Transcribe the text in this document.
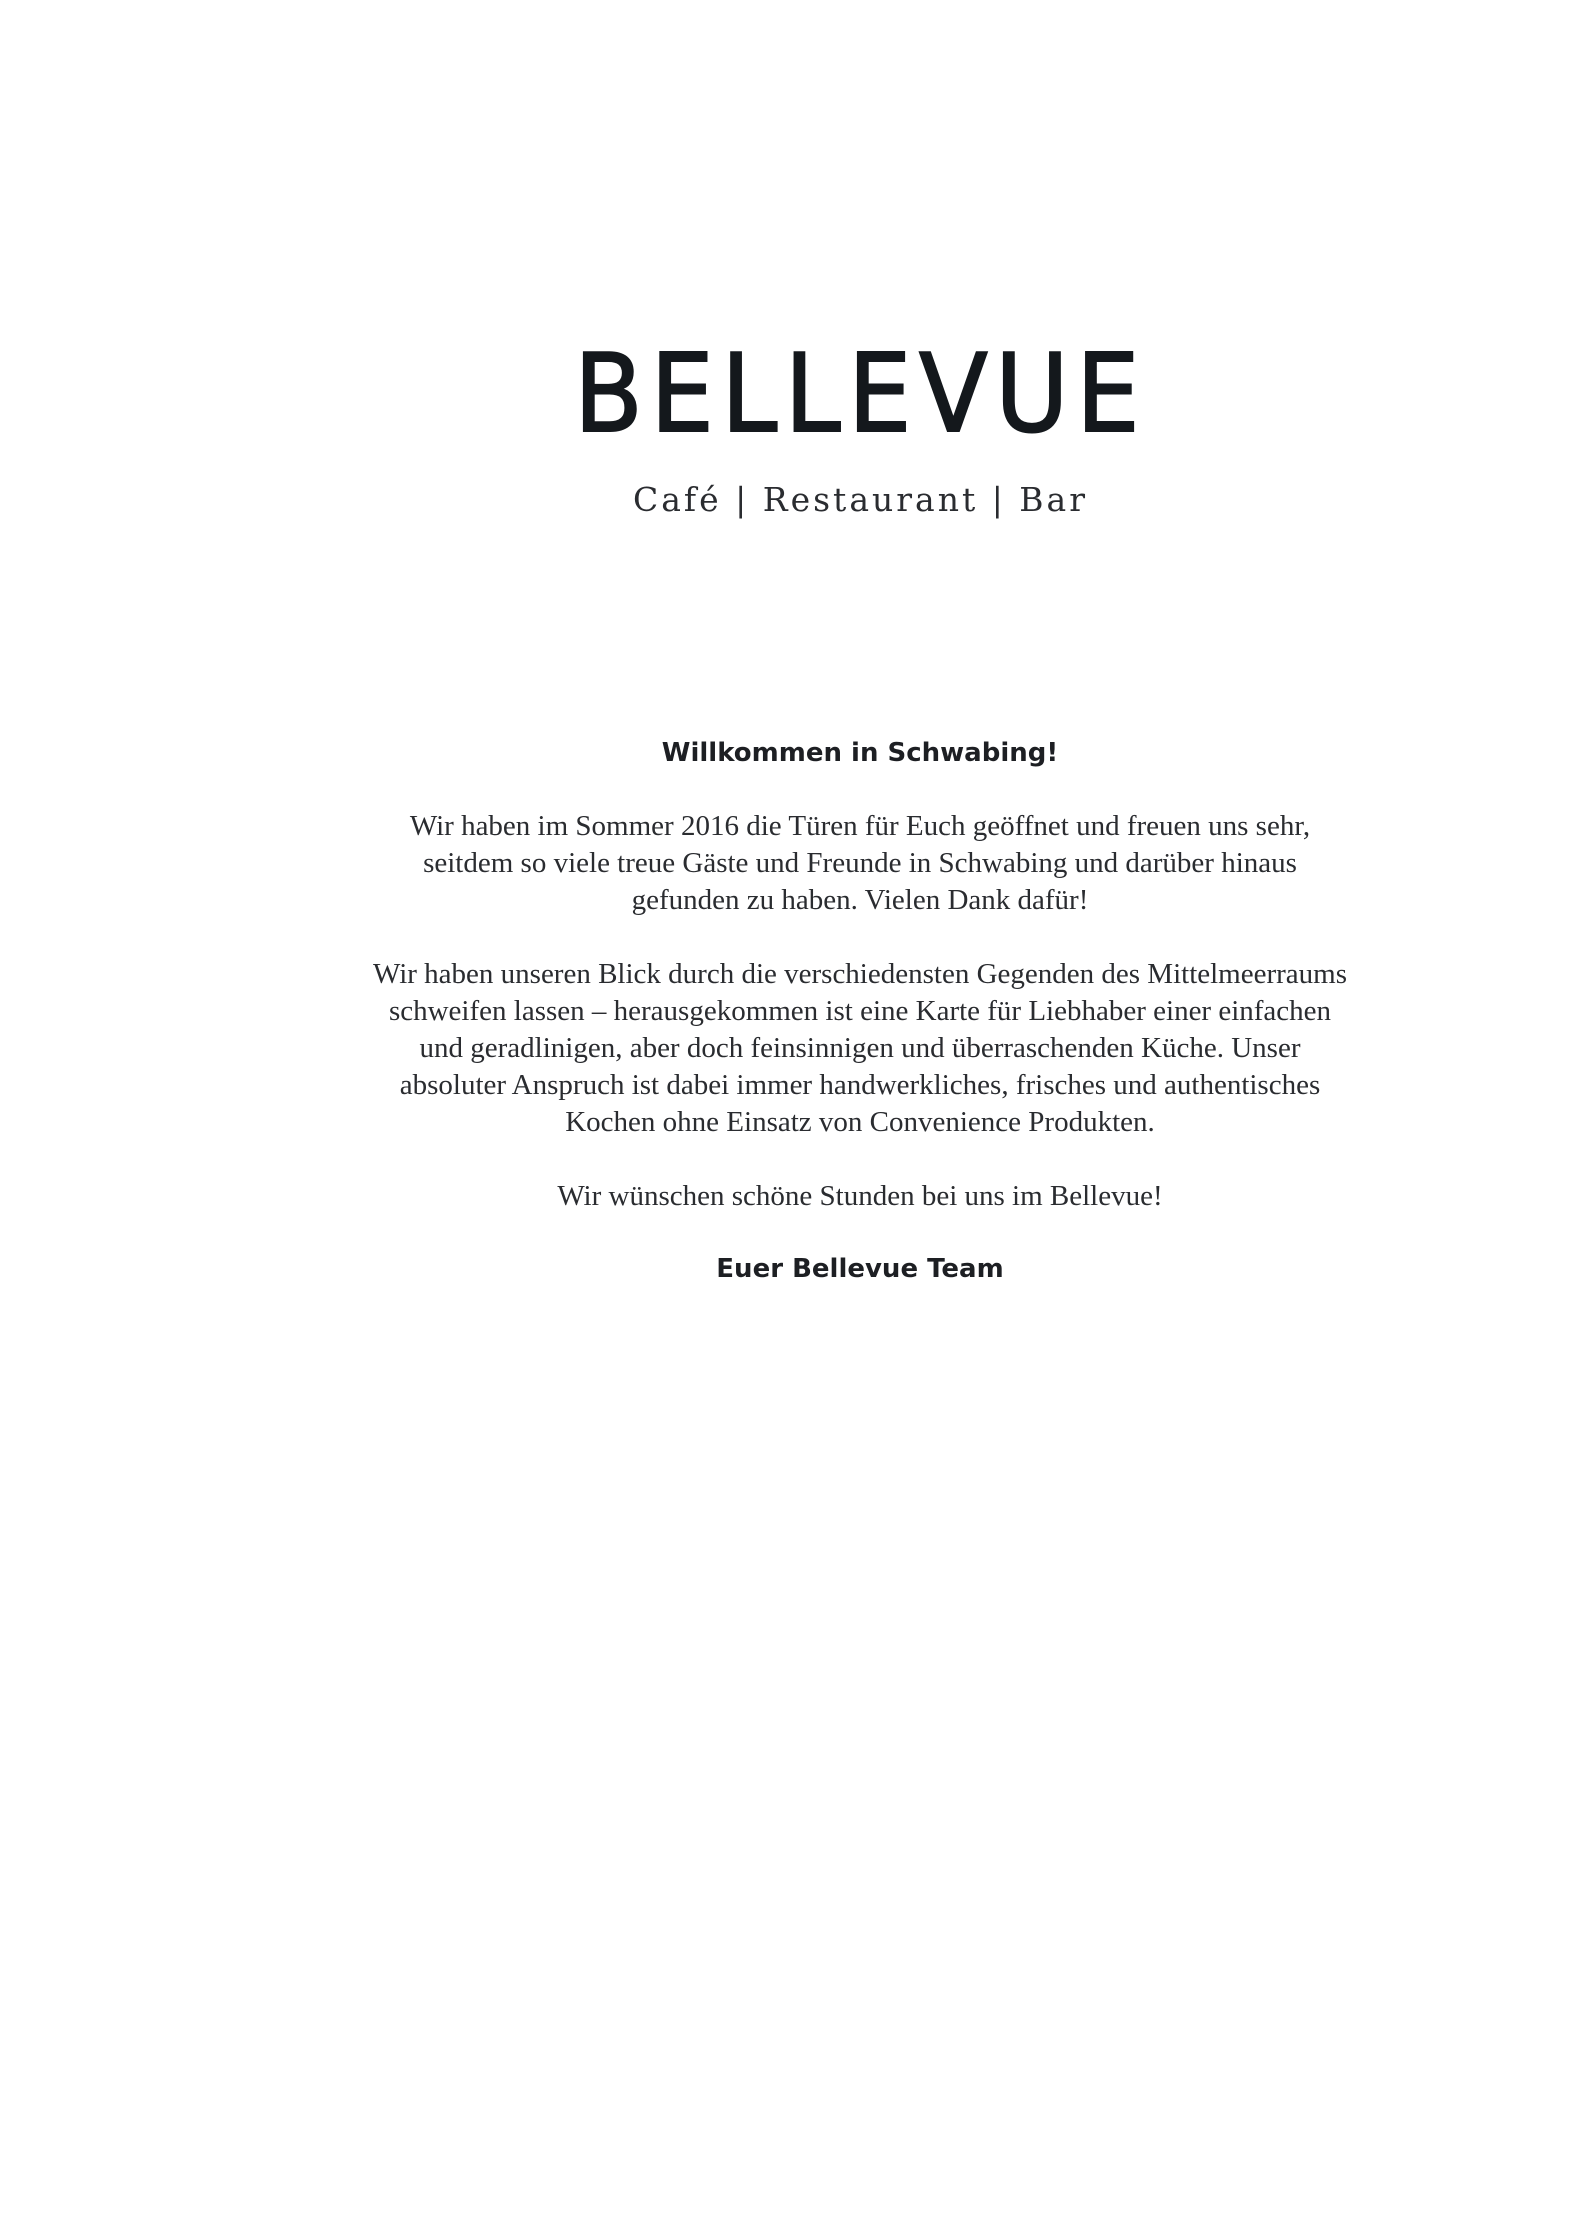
BELLEVUE
Café | Restaurant | Bar

Willkommen in Schwabing!

Wir haben im Sommer 2016 die Türen für Euch geöffnet und freuen uns sehr,
seitdem so viele treue Gäste und Freunde in Schwabing und darüber hinaus
gefunden zu haben. Vielen Dank dafür!

Wir haben unseren Blick durch die verschiedensten Gegenden des Mittelmeerraums
schweifen lassen – herausgekommen ist eine Karte für Liebhaber einer einfachen
und geradlinigen, aber doch feinsinnigen und überraschenden Küche. Unser
absoluter Anspruch ist dabei immer handwerkliches, frisches und authentisches
Kochen ohne Einsatz von Convenience Produkten.

Wir wünschen schöne Stunden bei uns im Bellevue!

Euer Bellevue Team
